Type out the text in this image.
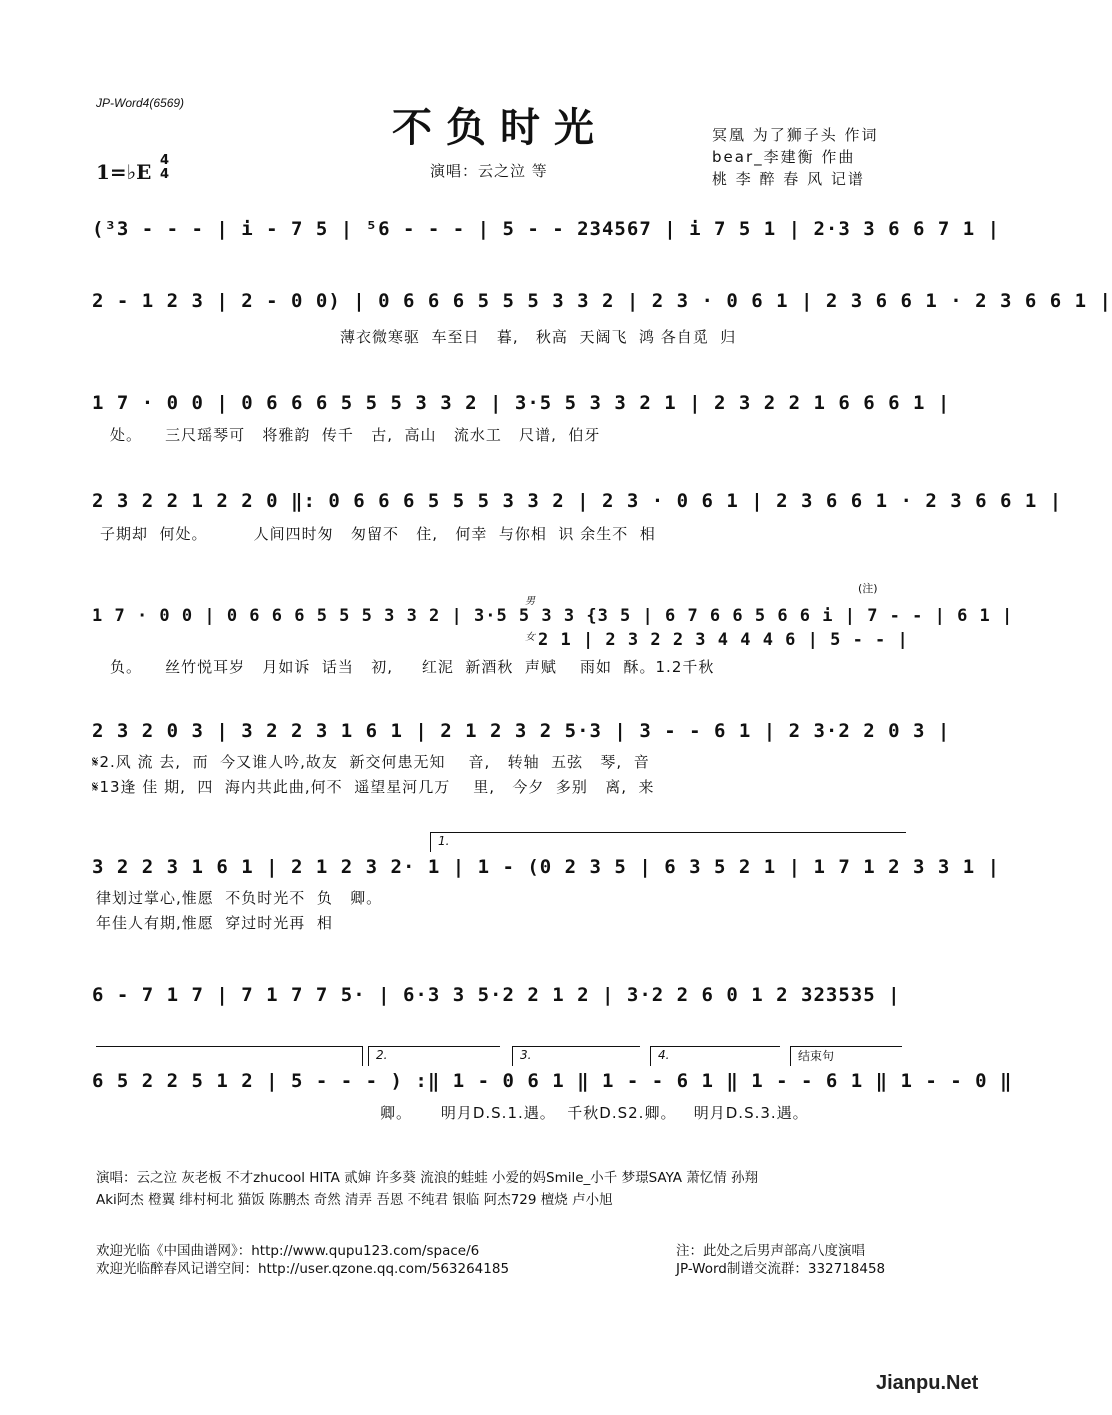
JP-Word4(6569)
不负时光	冥凰 为了狮子头 作词
bear_李建衡 作曲
桃 李 醉 春 风 记谱
1=♭E 4
4	演唱：云之泣 等
(³3 - - - | i - 7 5 | ⁵6 - - - | 5 - - 234567 | i 7 5 1 | 2·3 3 6 6 7 1 |
2 - 1 2 3 | 2 - 0 0) | 0 6 6 6 5 5 5 3 3 2 | 2 3 · 0 6 1 | 2 3 6 6 1 · 2 3 6 6 1 |
薄衣微寒驱  车至日   暮,   秋高  天阔飞  鸿 各自觅  归
1 7 · 0 0 | 0 6 6 6 5 5 5 3 3 2 | 3·5 5 3 3 2 1 | 2 3 2 2 1 6 6 6 1 |
处。    三尺瑶琴可   将雅韵  传千   古,  高山   流水工   尺谱,  伯牙
2 3 2 2 1 2 2 0 ‖: 0 6 6 6 5 5 5 3 3 2 | 2 3 · 0 6 1 | 2 3 6 6 1 · 2 3 6 6 1 |
子期却  何处。        人间四时匆   匆留不   住,   何幸  与你相  识 余生不  相
1 7 · 0 0 | 0 6 6 6 5 5 5 3 3 2 | 3·5 5 3 3 {3 5 | 6 7 6 6 5 6 6 i | 7 - - | 6 1 |
男
女 2 1 | 2 3 2 2 3 4 4 4 6 | 5 - - |
(注)
负。    丝竹悦耳岁   月如诉  话当   初,     红泥  新酒秋  声赋    雨如  酥。1.2千秋
2 3 2 0 3 | 3 2 2 3 1 6 1 | 2 1 2 3 2 5·3 | 3 - - 6 1 | 2 3·2 2 0 3 |
𝄋2.风 流 去,  而  今又谁人吟,故友  新交何患无知    音,   转轴  五弦   琴,  音
𝄋13逢 佳 期,  四  海内共此曲,何不  遥望星河几万    里,   今夕  多别   离,  来
1.
3 2 2 3 1 6 1 | 2 1 2 3 2· 1 | 1 - (0 2 3 5 | 6 3 5 2 1 | 1 7 1 2 3 3 1 |
律划过掌心,惟愿  不负时光不  负   卿。
年佳人有期,惟愿  穿过时光再  相
6 - 7 1 7 | 7 1 7 7 5· | 6·3 3 5·2 2 1 2 | 3·2 2 6 0 1 2 323535 |
2.	3.	4.	结束句
6 5 2 2 5 1 2 | 5 - - - ) :‖ 1 - 0 6 1 ‖ 1 - - 6 1 ‖ 1 - - 6 1 ‖ 1 - - 0 ‖
卿。     明月D.S.1.遇。  千秋D.S2.卿。   明月D.S.3.遇。
演唱：云之泣 灰老板 不才zhucool HITA 贰婶 许多葵 流浪的蛙蛙 小爱的妈Smile_小千 梦璟SAYA 萧忆情 孙翔
Aki阿杰 橙翼 绯村柯北 猫饭 陈鹏杰 奇然 清弄 吾恩 不纯君 银临 阿杰729 檀烧 卢小旭
欢迎光临《中国曲谱网》：http://www.qupu123.com/space/6
欢迎光临醉春风记谱空间：http://user.qzone.qq.com/563264185
注：此处之后男声部高八度演唱
JP-Word制谱交流群：332718458
Jianpu.Net
